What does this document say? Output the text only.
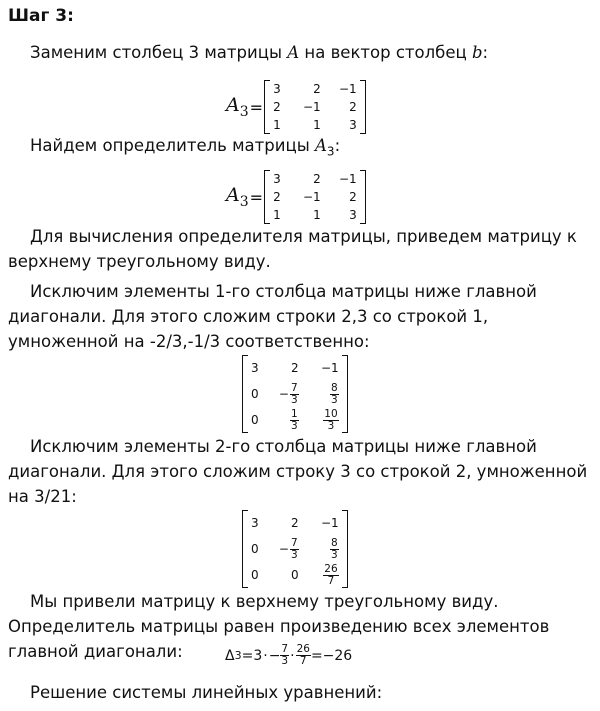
Шаг 3:
Заменим столбец 3 матрицы A на вектор столбец b:
$A_3$ =
3	2	−1
2	−1	2
1	1	3
Найдем определитель матрицы $A_3$:
$A_3$ =
3	2	−1
2	−1	2
1	1	3
Для вычисления определителя матрицы, приведем матрицу к верхнему треугольному виду.
Исключим элементы 1-го столбца матрицы ниже главной диагонали. Для этого сложим строки 2,3 со строкой 1, умноженной на -2/3,-1/3 соответственно:
3	2	−1
0	− $\frac{7}{3}$	$\frac{8}{3}$

0	$\frac{1}{3}$	$\frac{10}{3}$
Исключим элементы 2-го столбца матрицы ниже главной диагонали. Для этого сложим строку 3 со строкой 2, умноженной на 3/21:
3	2	−1
0	− $\frac{7}{3}$	$\frac{8}{3}$

0	0	$\frac{26}{7}$
Мы привели матрицу к верхнему треугольному виду. Определитель матрицы равен произведению всех элементов главной диагонали:	Δ 3 = 3 · − $\frac{7}{3} \cdot \frac{26}{7} =-26$
Решение системы линейных уравнений:
